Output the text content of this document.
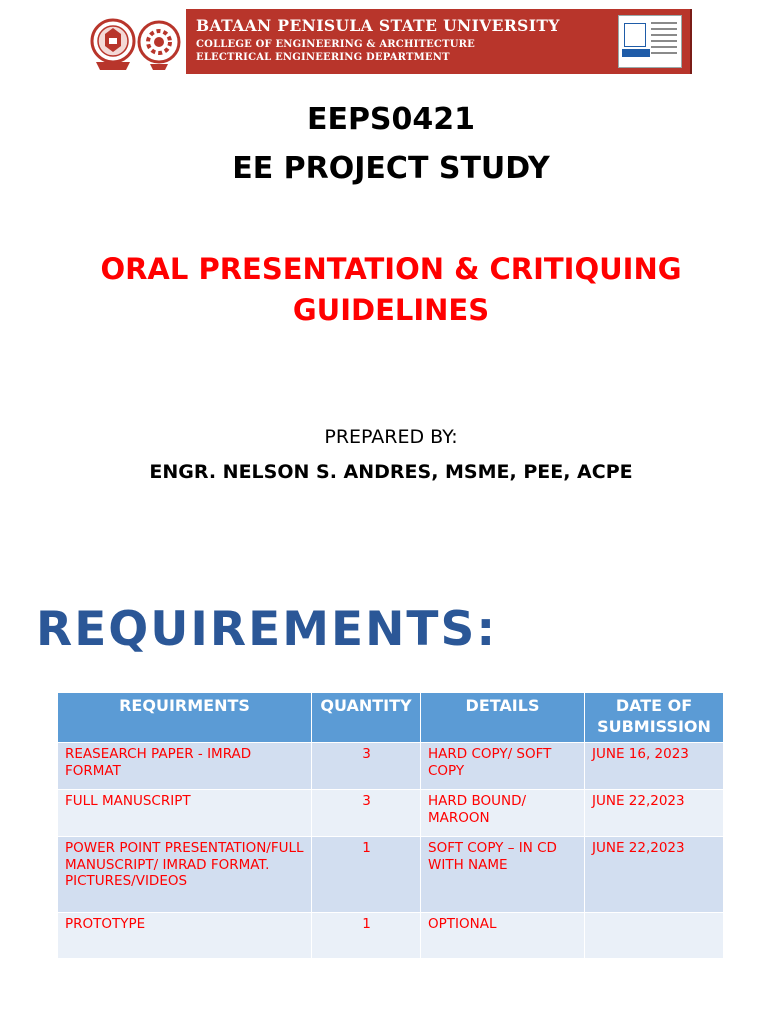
BATAAN PENISULA STATE UNIVERSITY
COLLEGE OF ENGINEERING & ARCHITECTURE
ELECTRICAL ENGINEERING DEPARTMENT

EEPS0421

EE PROJECT STUDY

ORAL PRESENTATION & CRITIQUING

GUIDELINES

PREPARED BY:

ENGR. NELSON S. ANDRES, MSME, PEE, ACPE

REQUIREMENTS:
REQUIRMENTS	QUANTITY	DETAILS	DATE OF SUBMISSION
REASEARCH PAPER - IMRAD FORMAT	3	HARD COPY/ SOFT COPY	JUNE 16, 2023
FULL MANUSCRIPT	3	HARD BOUND/ MAROON	JUNE 22,2023
POWER POINT PRESENTATION/FULL MANUSCRIPT/ IMRAD FORMAT. PICTURES/VIDEOS	1	SOFT COPY – IN CD WITH NAME	JUNE 22,2023
PROTOTYPE	1	OPTIONAL	
